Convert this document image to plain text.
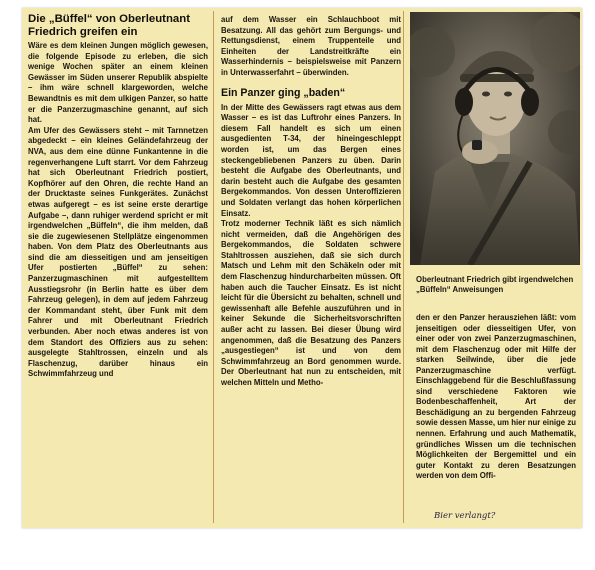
Die „Büffel“ von Oberleutnant Friedrich greifen ein

Wäre es dem kleinen Jungen möglich gewesen, die folgende Episode zu erleben, die sich wenige Wochen später an einem kleinen Gewässer im Süden unserer Republik abspielte – ihm wäre schnell klargeworden, welche Bewandtnis es mit dem ulkigen Panzer, so hatte er die Panzerzugmaschine genannt, auf sich hat.

Am Ufer des Gewässers steht – mit Tarnnetzen abgedeckt – ein kleines Geländefahrzeug der NVA, aus dem eine dünne Funkantenne in die regenverhangene Luft starrt. Vor dem Fahrzeug hat sich Oberleutnant Friedrich postiert, Kopfhörer auf den Ohren, die rechte Hand an der Drucktaste seines Funkgerätes. Zunächst etwas aufgeregt – es ist seine erste derartige Aufgabe –, dann ruhiger werdend spricht er mit irgendwelchen „Büffeln“, die ihm melden, daß sie die zugewiesenen Stellplätze eingenommen haben. Von dem Platz des Oberleutnants aus sind die am diesseitigen und am jenseitigen Ufer postierten „Büffel“ zu sehen: Panzerzugmaschinen mit aufgestelltem Ausstiegsrohr (in Berlin hatte es über dem Fahrzeug gelegen), in dem auf jedem Fahrzeug der Kommandant steht, über Funk mit dem Fahrer und mit Oberleutnant Friedrich verbunden. Aber noch etwas anderes ist von dem Standort des Offiziers aus zu sehen: ausgelegte Stahltrossen, einzeln und als Flaschenzug, darüber hinaus ein Schwimmfahrzeug und

auf dem Wasser ein Schlauchboot mit Besatzung. All das gehört zum Bergungs- und Rettungsdienst, einem Truppenteile und Einheiten der Landstreitkräfte ein Wasserhindernis – beispielsweise mit Panzern in Unterwasserfahrt – überwinden.

Ein Panzer ging „baden“

In der Mitte des Gewässers ragt etwas aus dem Wasser – es ist das Luftrohr eines Panzers. In diesem Fall handelt es sich um einen ausgedienten T-34, der hineingeschleppt worden ist, um das Bergen eines steckengebliebenen Panzers zu üben. Darin besteht die Aufgabe des Oberleutnants, und darin besteht auch die Aufgabe des gesamten Bergekommandos. Von dessen Unteroffizieren und Soldaten verlangt das hohen körperlichen Einsatz.

Trotz moderner Technik läßt es sich nämlich nicht vermeiden, daß die Angehörigen des Bergekommandos, die Soldaten schwere Stahltrossen ausziehen, daß sie sich durch Matsch und Lehm mit den Schäkeln oder mit dem Flaschenzug hindurcharbeiten müssen. Oft haben auch die Taucher Einsatz. Es ist nicht leicht für die Übersicht zu behalten, schnell und gewissenhaft alle Befehle auszuführen und in keiner Sekunde die Sicherheitsvorschriften außer acht zu lassen. Bei dieser Übung wird angenommen, daß die Besatzung des Panzers „ausgestiegen“ ist und von dem Schwimmfahrzeug an Bord genommen wurde. Der Oberleutnant hat nun zu entscheiden, mit welchen Mitteln und Metho-

Oberleutnant Friedrich gibt irgendwelchen „Büffeln“ Anweisungen

den er den Panzer herausziehen läßt: vom jenseitigen oder diesseitigen Ufer, von einer oder von zwei Panzerzugmaschinen, mit dem Flaschenzug oder mit Hilfe der starken Seilwinde, über die jede Panzerzugmaschine verfügt. Einschlaggebend für die Beschlußfassung sind verschiedene Faktoren wie Bodenbeschaffenheit, Art der Beschädigung an zu bergenden Fahrzeug sowie dessen Masse, um hier nur einige zu nennen. Erfahrung und auch Mathematik, gründliches Wissen um die technischen Möglichkeiten der Bergemittel und ein guter Kontakt zu deren Besatzungen werden von dem Offi-

Bier verlangt?
